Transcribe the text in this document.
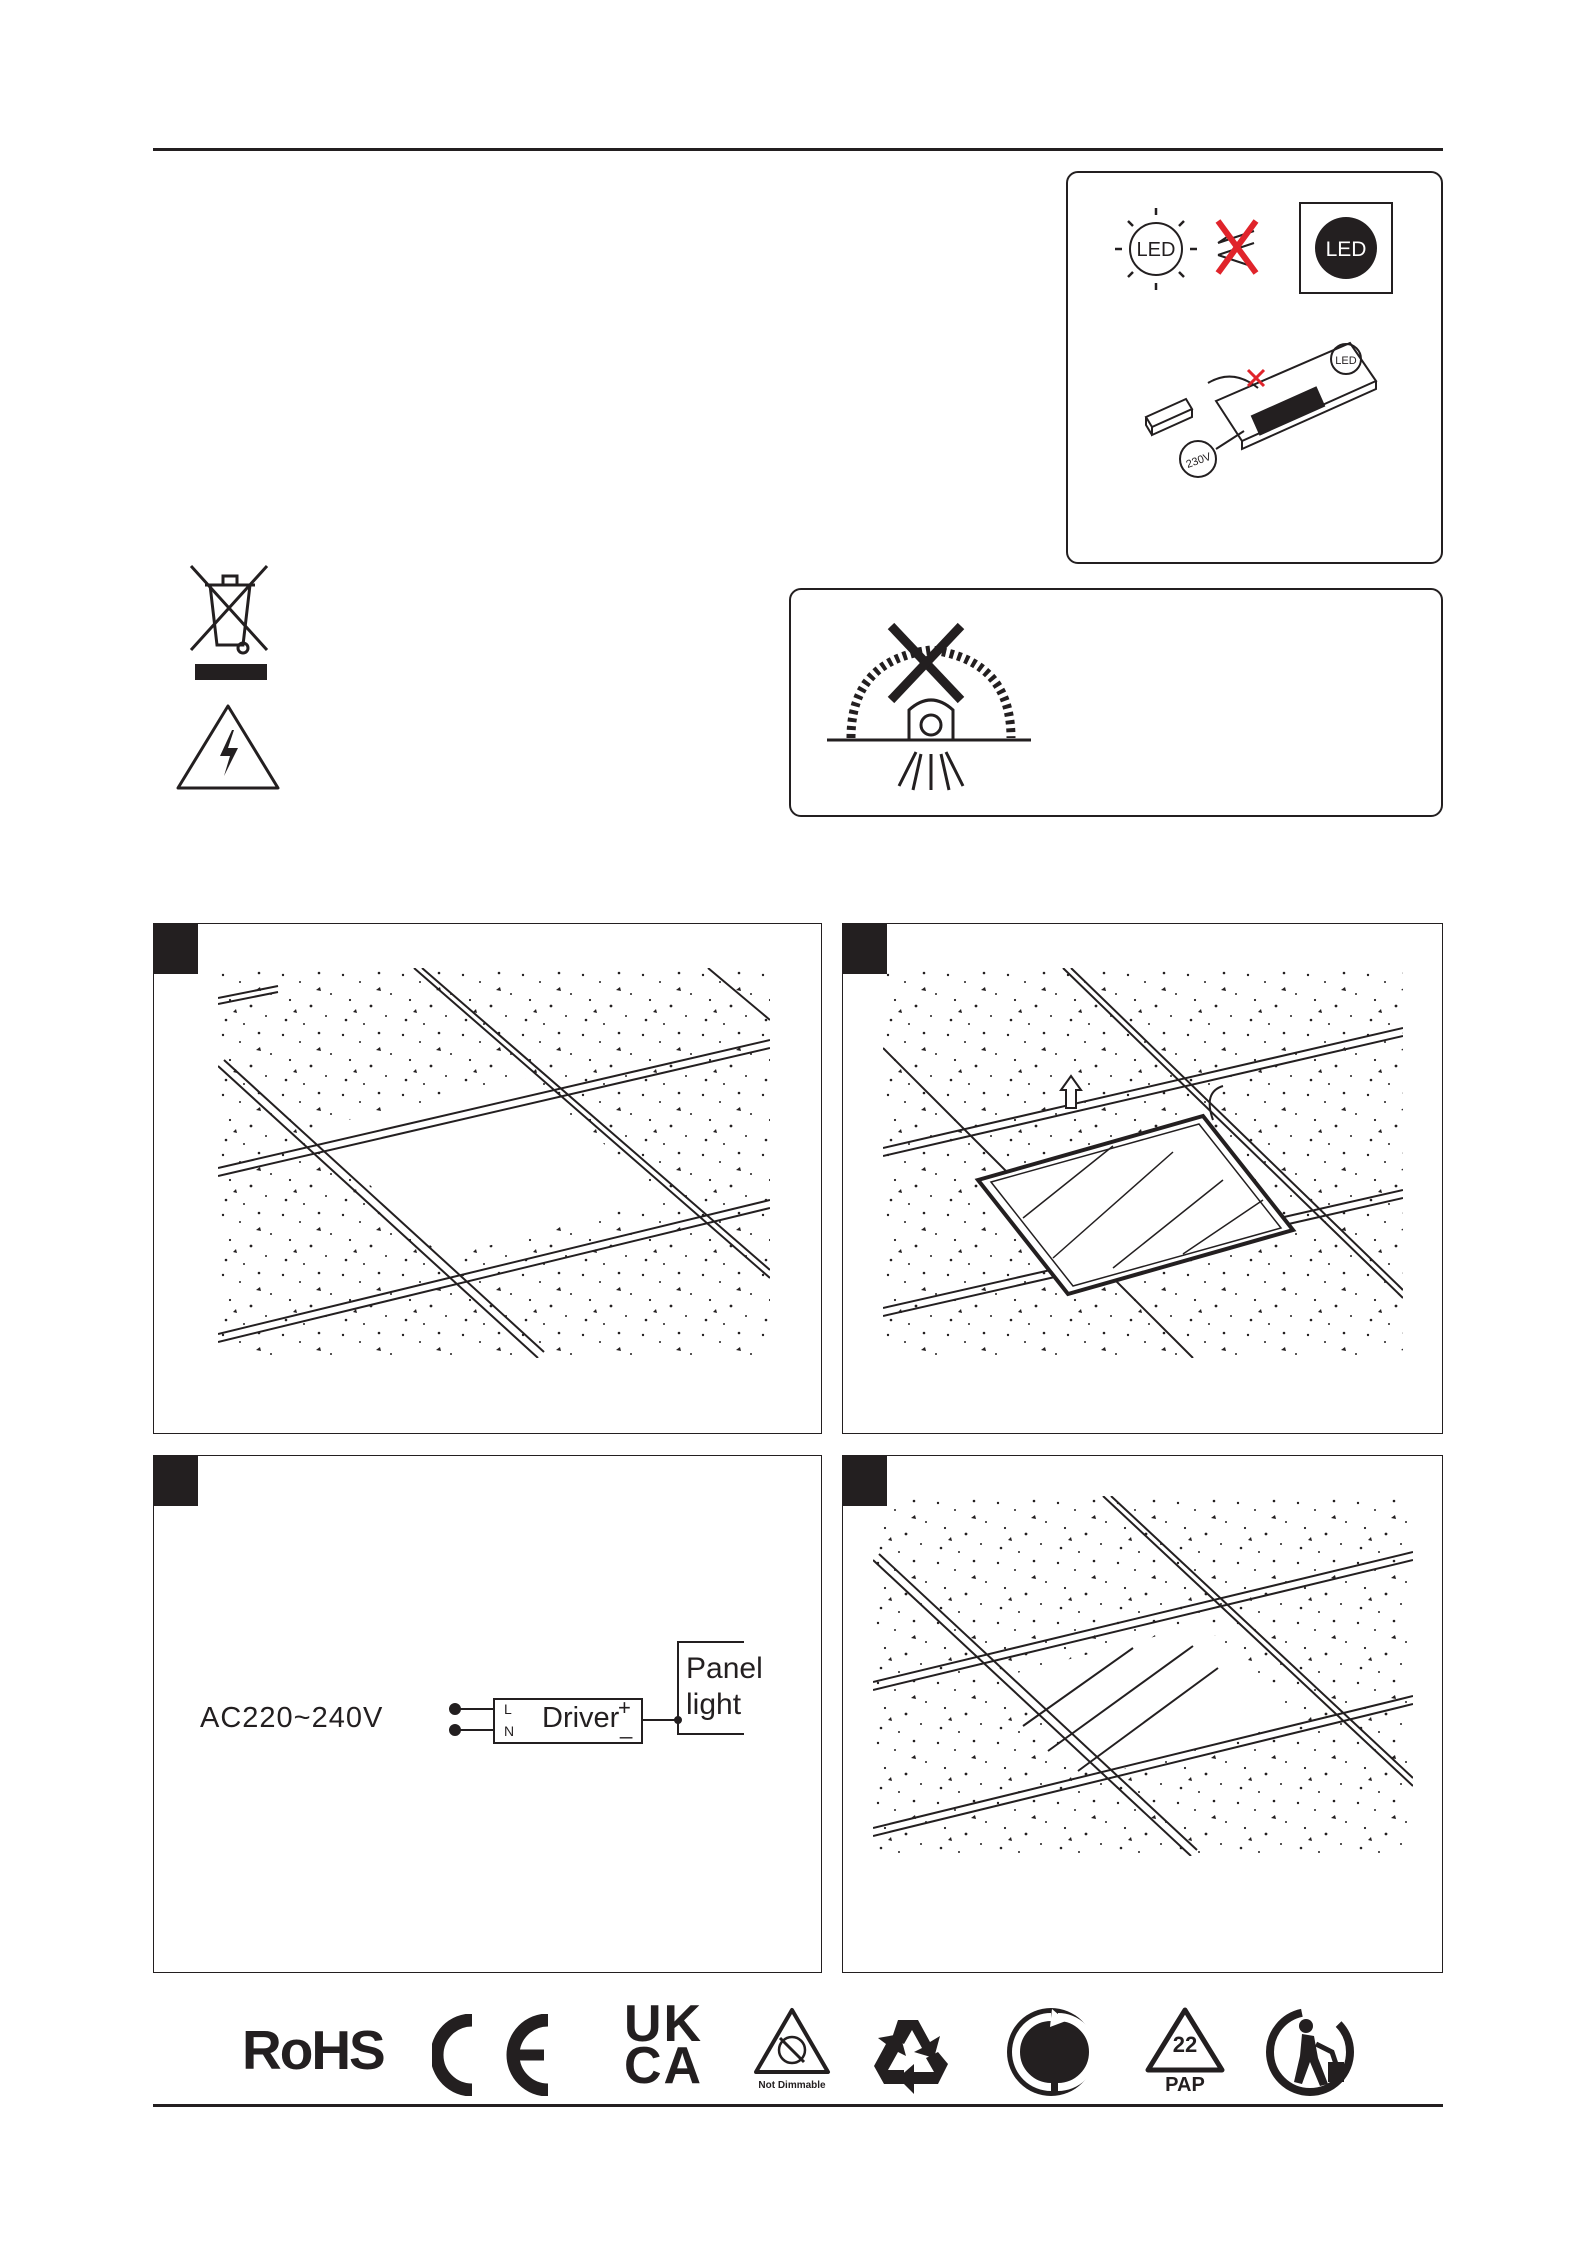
LED	LED
LED
230V
AC220~240V	L
N Driver
+
_
Panel
light
RoHS	UK
CA	Not Dimmable
22
PAP
